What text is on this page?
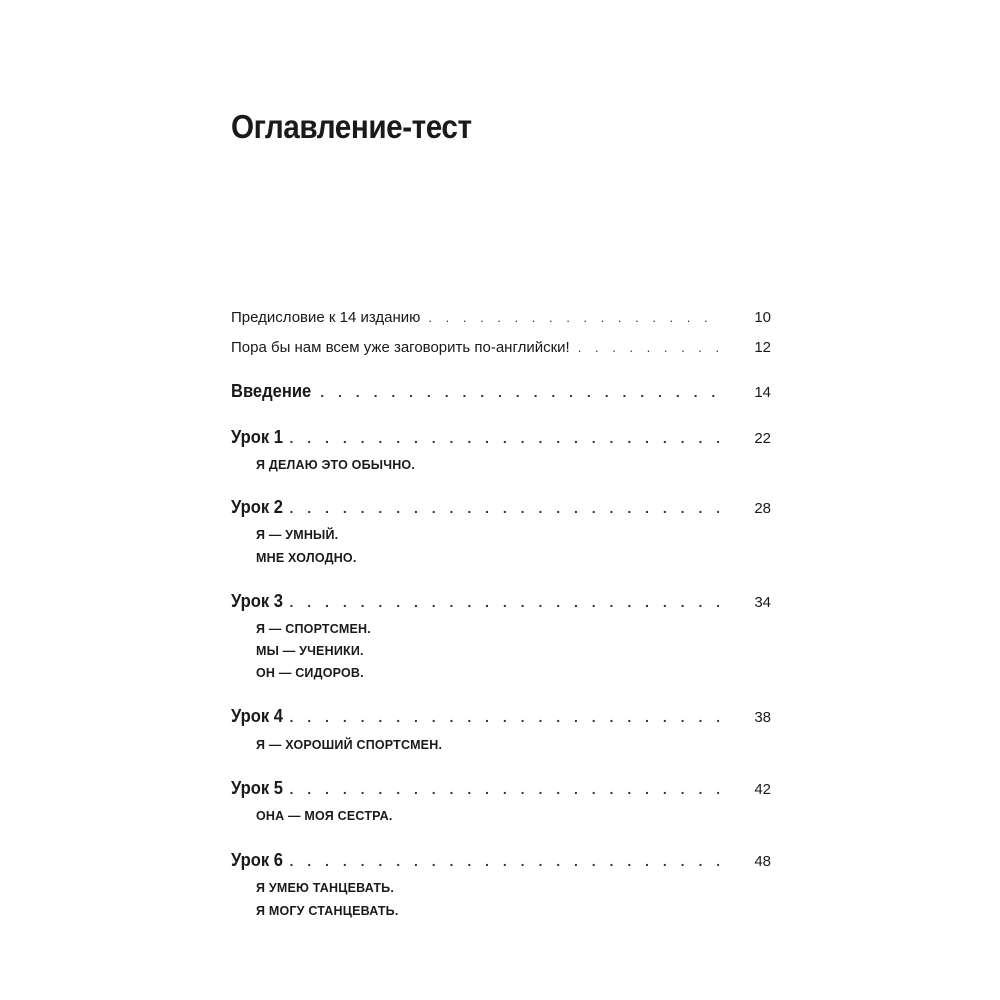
Оглавление-тест
Предисловие к 14 изданию . . .	10
Пора бы нам всем уже заговорить по-английски! . . .	12
Введение . . .	14
Урок 1 . . .	22
Я ДЕЛАЮ ЭТО ОБЫЧНО.
Урок 2 . . .	28
Я — УМНЫЙ.
МНЕ ХОЛОДНО.
Урок 3 . . .	34
Я — СПОРТСМЕН.
МЫ — УЧЕНИКИ.
ОН — СИДОРОВ.
Урок 4 . . .	38
Я — ХОРОШИЙ СПОРТСМЕН.
Урок 5 . . .	42
ОНА — МОЯ СЕСТРА.
Урок 6 . . .	48
Я УМЕЮ ТАНЦЕВАТЬ.
Я МОГУ СТАНЦЕВАТЬ.
